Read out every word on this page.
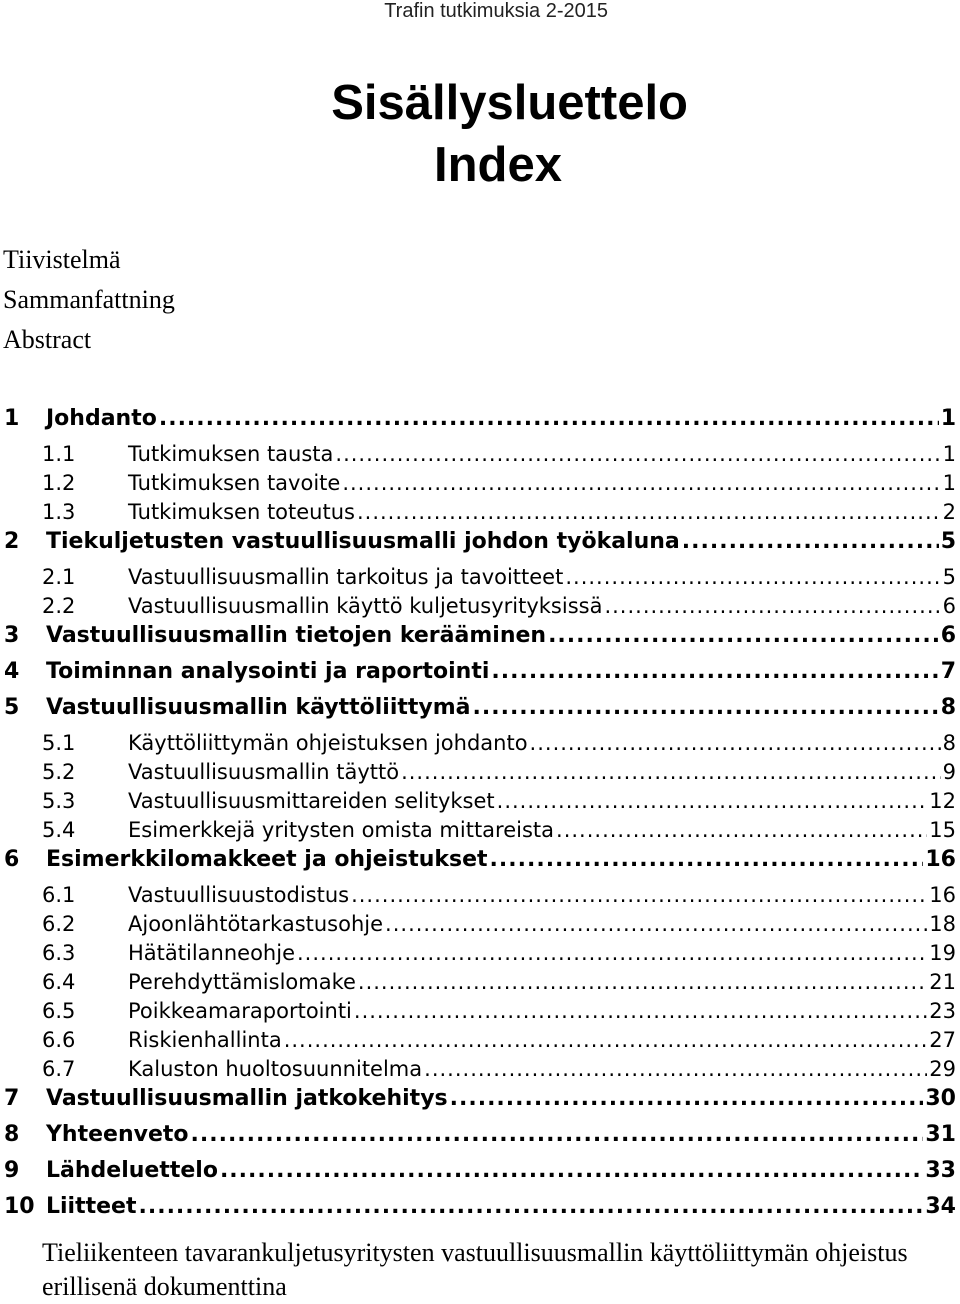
Trafin tutkimuksia 2-2015
Sisällysluettelo
Index
Tiivistelmä
Sammanfattning
Abstract
1	Johdanto .....	1
1.1	Tutkimuksen tausta .....	1
1.2	Tutkimuksen tavoite .....	1
1.3	Tutkimuksen toteutus .....	2
2	Tiekuljetusten vastuullisuusmalli johdon työkaluna .....	5
2.1	Vastuullisuusmallin tarkoitus ja tavoitteet .....	5
2.2	Vastuullisuusmallin käyttö kuljetusyrityksissä .....	6
3	Vastuullisuusmallin tietojen kerääminen .....	6
4	Toiminnan analysointi ja raportointi .....	7
5	Vastuullisuusmallin käyttöliittymä .....	8
5.1	Käyttöliittymän ohjeistuksen johdanto .....	8
5.2	Vastuullisuusmallin täyttö .....	9
5.3	Vastuullisuusmittareiden selitykset .....	12
5.4	Esimerkkejä yritysten omista mittareista .....	15
6	Esimerkkilomakkeet ja ohjeistukset .....	16
6.1	Vastuullisuustodistus .....	16
6.2	Ajoonlähtötarkastusohje .....	18
6.3	Hätätilanneohje .....	19
6.4	Perehdyttämislomake .....	21
6.5	Poikkeamaraportointi .....	23
6.6	Riskienhallinta .....	27
6.7	Kaluston huoltosuunnitelma .....	29
7	Vastuullisuusmallin jatkokehitys .....	30
8	Yhteenveto .....	31
9	Lähdeluettelo .....	33
10 Liitteet .....	34
Tieliikenteen tavarankuljetusyritysten vastuullisuusmallin käyttöliittymän ohjeistus erillisenä dokumenttina
